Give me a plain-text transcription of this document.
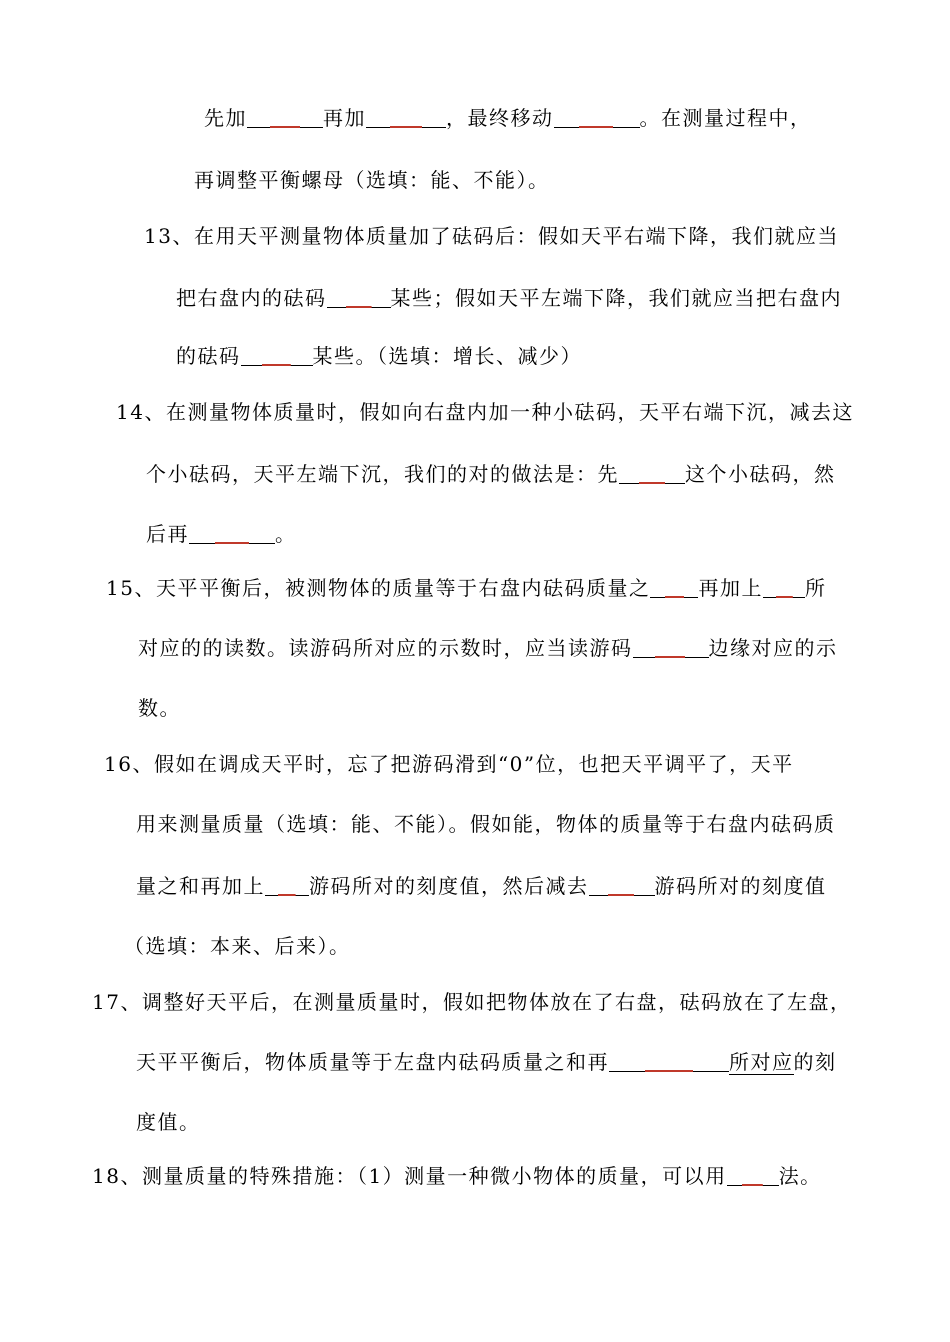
先加	再加	，最终移动	。在测量过程中，
再调整平衡螺母（选填：能、不能）。
13、在用天平测量物体质量加了砝码后：假如天平右端下降，我们就应当
把右盘内的砝码	某些；假如天平左端下降，我们就应当把右盘内
的砝码	某些。（选填：增长、减少）
14、在测量物体质量时，假如向右盘内加一种小砝码，天平右端下沉，减去这
个小砝码，天平左端下沉，我们的对的做法是：先	这个小砝码，然
后再	。
15、天平平衡后，被测物体的质量等于右盘内砝码质量之 再加上 所
对应的的读数。读游码所对应的示数时，应当读游码	边缘对应的示
数。
16、假如在调成天平时，忘了把游码滑到“0”位，也把天平调平了，天平
用来测量质量（选填：能、不能）。假如能，物体的质量等于右盘内砝码质
量之和再加上 游码所对的刻度值，然后减去	游码所对的刻度值
（选填：本来、后来）。
17、调整好天平后，在测量质量时，假如把物体放在了右盘，砝码放在了左盘，
天平平衡后，物体质量等于左盘内砝码质量之和再	所对应的刻
度值。
18、测量质量的特殊措施：（1）测量一种微小物体的质量，可以用	法。
